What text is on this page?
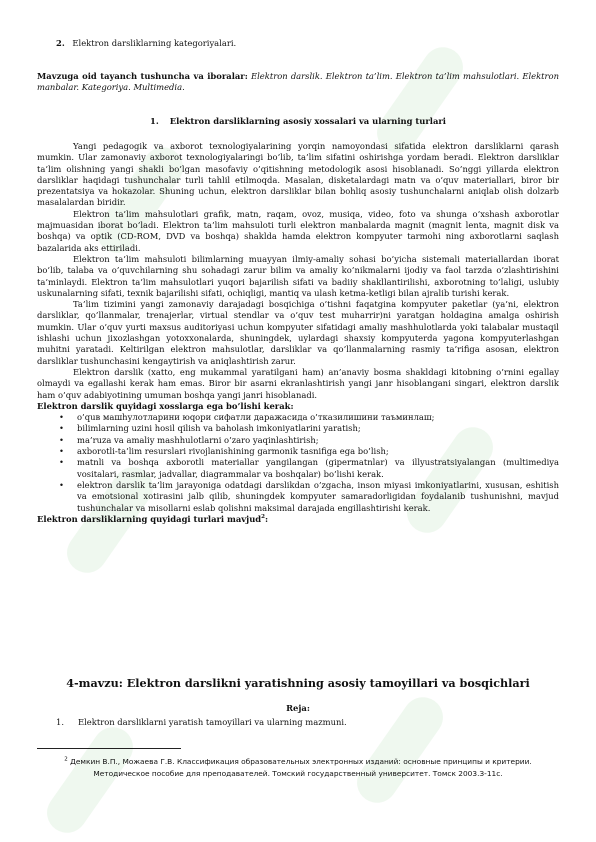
2. Elektron darsliklarning kategoriyalari.
Mavzuga oid tayanch tushuncha va iboralar: Elektron darslik. Elektron ta’lim. Elektron ta’lim mahsulotlari. Elektron manbalar. Kategoriya. Multimedia.
1. Elektron darsliklarning asosiy xossalari va ularning turlari

Yangi pedagogik va axborot texnologiyalarining yorqin namoyondasi sifatida elektron darsliklarni qarash mumkin. Ular zamonaviy axborot texnologiyalaringi bo’lib, ta’lim sifatini oshirishga yordam beradi. Elektron darsliklar ta’lim olishning yangi shakli bo’lgan masofaviy o’qitishning metodologik asosi hisoblanadi. So’nggi yillarda elektron darsliklar haqidagi tushunchalar turli tahlil etilmoqda. Masalan, disketalardagi matn va o’quv materiallari, biror bir prezentatsiya va hokazolar. Shuning uchun, elektron darsliklar bilan bohliq asosiy tushunchalarni aniqlab olish dolzarb masalalardan biridir.

Elektron ta’lim mahsulotlari grafik, matn, raqam, ovoz, musiqa, video, foto va shunga o’xshash axborotlar majmuasidan iborat bo’ladi. Elektron ta’lim mahsuloti turli elektron manbalarda magnit (magnit lenta, magnit disk va boshqa) va optik (CD-ROM, DVD va boshqa) shaklda hamda elektron kompyuter tarmohi ning axborotlarni saqlash bazalarida aks ettiriladi.

Elektron ta’lim mahsuloti bilimlarning muayyan ilmiy-amaliy sohasi bo’yicha sistemali materiallardan iborat bo’lib, talaba va o’quvchilarning shu sohadagi zarur bilim va amaliy ko’nikmalarni ijodiy va faol tarzda o’zlashtirishini ta’minlaydi. Elektron ta’lim mahsulotlari yuqori bajarilish sifati va badiiy shakllantirilishi, axborotning to’laligi, uslubiy uskunalarning sifati, texnik bajarilishi sifati, ochiqligi, mantiq va ulash ketma-ketligi bilan ajralib turishi kerak.

Ta’lim tizimini yangi zamonaviy darajadagi bosqichiga o’tishni faqatgina kompyuter paketlar (ya’ni, elektron darsliklar, qo’llanmalar, trenajerlar, virtual stendlar va o’quv test muharrir)ni yaratgan holdagina amalga oshirish mumkin. Ular o’quv yurti maxsus auditoriyasi uchun kompyuter sifatidagi amaliy mashhulotlarda yoki talabalar mustaqil ishlashi uchun jixozlashgan yotoxxonalarda, shuningdek, uylardagi shaxsiy kompyuterda yagona kompyuterlashgan muhitni yaratadi. Keltirilgan elektron mahsulotlar, darsliklar va qo’llanmalarning rasmiy ta’rifiga asosan, elektron darsliklar tushunchasini kengaytirish va aniqlashtirish zarur.

Elektron darslik (xatto, eng mukammal yaratilgani ham) an’anaviy bosma shakldagi kitobning o’rnini egallay olmaydi va egallashi kerak ham emas. Biror bir asarni ekranlashtirish yangi janr hisoblangani singari, elektron darslik ham o’quv adabiyotining umuman boshqa yangi janri hisoblanadi.

Elektron darslik quyidagi xosslarga ega bo’lishi kerak:
• о’quв машhулотларини юqори сифатли даражасида о’тказилишини таъминлаш;
• bilimlarning uzini hosil qilish va baholash imkoniyatlarini yaratish;
• ma’ruza va amaliy mashhulotlarni o’zaro yaqinlashtirish;
• axborotli-ta’lim resurslari rivojlanishining garmonik tasnifiga ega bo’lish;
• matnli va boshqa axborotli materiallar yangilangan (gipermatnlar) va illyustratsiyalangan (multimediya vositalari, rasmlar, jadvallar, diagrammalar va boshqalar) bo’lishi kerak.
• elektron darslik ta’lim jarayoniga odatdagi darslikdan o’zgacha, inson miyasi imkoniyatlarini, xususan, eshitish va emotsional xotirasini jalb qilib, shuningdek kompyuter samaradorligidan foydalanib tushunishni, mavjud tushunchalar va misollarni eslab qolishni maksimal darajada engillashtirishi kerak.
Elektron darsliklarning quyidagi turlari mavjud$^2$:
4-mavzu: Elektron darslikni yaratishning asosiy tamoyillari va bosqichlari
Reja:
1. Elektron darsliklarni yaratish tamoyillari va ularning mazmuni.
$^2$ Демкин В.П., Можаева Г.В. Классификация образовательных электронных изданий: основные принципы и критерии. Методическое пособие для преподавателей. Томский государственный университет. Томск 2003.З-11с.
